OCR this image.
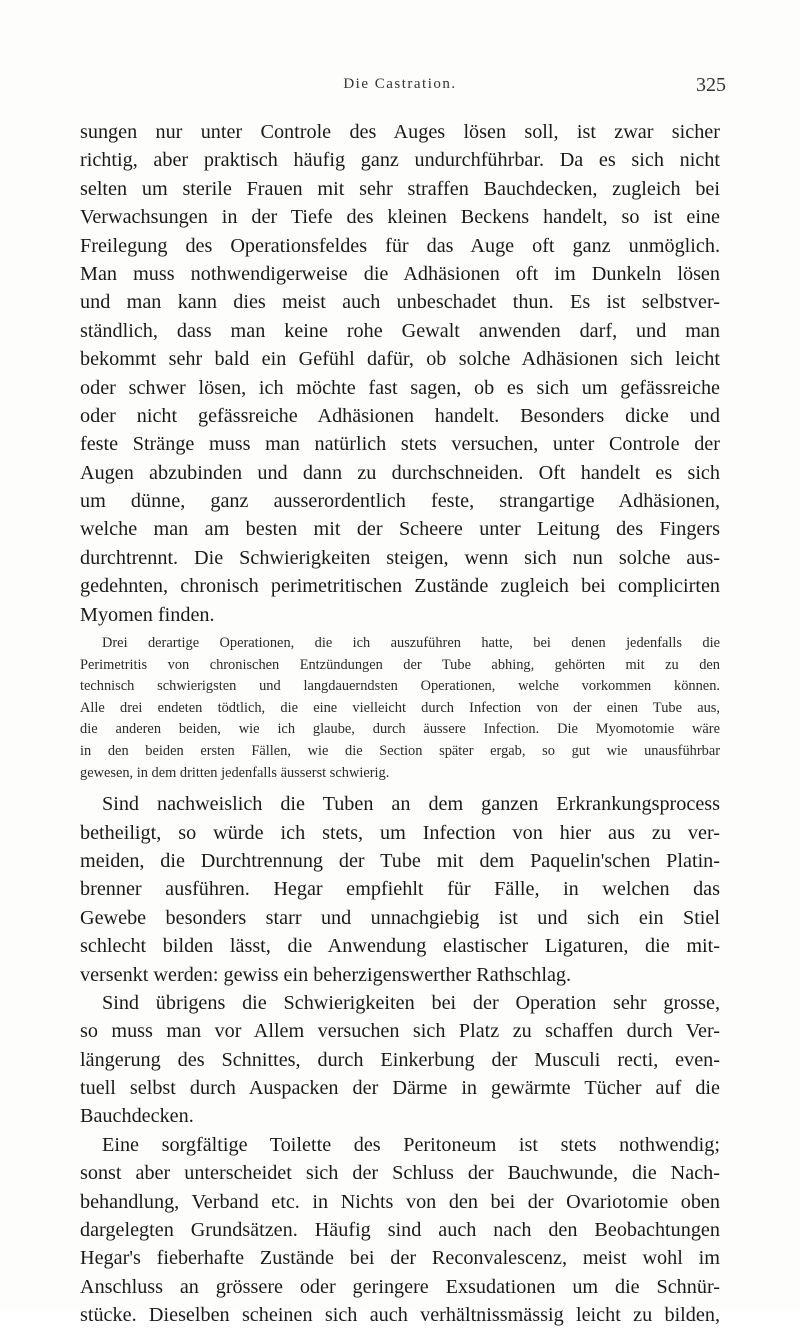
Die Castration.	325
sungen nur unter Controle des Auges lösen soll, ist zwar sicher
richtig, aber praktisch häufig ganz undurchführbar. Da es sich nicht
selten um sterile Frauen mit sehr straffen Bauchdecken, zugleich bei
Verwachsungen in der Tiefe des kleinen Beckens handelt, so ist eine
Freilegung des Operationsfeldes für das Auge oft ganz unmöglich.
Man muss nothwendigerweise die Adhäsionen oft im Dunkeln lösen
und man kann dies meist auch unbeschadet thun. Es ist selbstver-
ständlich, dass man keine rohe Gewalt anwenden darf, und man
bekommt sehr bald ein Gefühl dafür, ob solche Adhäsionen sich leicht
oder schwer lösen, ich möchte fast sagen, ob es sich um gefässreiche
oder nicht gefässreiche Adhäsionen handelt. Besonders dicke und
feste Stränge muss man natürlich stets versuchen, unter Controle der
Augen abzubinden und dann zu durchschneiden. Oft handelt es sich
um dünne, ganz ausserordentlich feste, strangartige Adhäsionen,
welche man am besten mit der Scheere unter Leitung des Fingers
durchtrennt. Die Schwierigkeiten steigen, wenn sich nun solche aus-
gedehnten, chronisch perimetritischen Zustände zugleich bei complicirten
Myomen finden.
Drei derartige Operationen, die ich auszuführen hatte, bei denen jedenfalls die
Perimetritis von chronischen Entzündungen der Tube abhing, gehörten mit zu den
technisch schwierigsten und langdauerndsten Operationen, welche vorkommen können.
Alle drei endeten tödtlich, die eine vielleicht durch Infection von der einen Tube aus,
die anderen beiden, wie ich glaube, durch äussere Infection. Die Myomotomie wäre
in den beiden ersten Fällen, wie die Section später ergab, so gut wie unausführbar
gewesen, in dem dritten jedenfalls äusserst schwierig.
Sind nachweislich die Tuben an dem ganzen Erkrankungsprocess
betheiligt, so würde ich stets, um Infection von hier aus zu ver-
meiden, die Durchtrennung der Tube mit dem Paquelin'schen Platin-
brenner ausführen. Hegar empfiehlt für Fälle, in welchen das
Gewebe besonders starr und unnachgiebig ist und sich ein Stiel
schlecht bilden lässt, die Anwendung elastischer Ligaturen, die mit-
versenkt werden: gewiss ein beherzigenswerther Rathschlag.
Sind übrigens die Schwierigkeiten bei der Operation sehr grosse,
so muss man vor Allem versuchen sich Platz zu schaffen durch Ver-
längerung des Schnittes, durch Einkerbung der Musculi recti, even-
tuell selbst durch Auspacken der Därme in gewärmte Tücher auf die
Bauchdecken.
Eine sorgfältige Toilette des Peritoneum ist stets nothwendig;
sonst aber unterscheidet sich der Schluss der Bauchwunde, die Nach-
behandlung, Verband etc. in Nichts von den bei der Ovariotomie oben
dargelegten Grundsätzen. Häufig sind auch nach den Beobachtungen
Hegar's fieberhafte Zustände bei der Reconvalescenz, meist wohl im
Anschluss an grössere oder geringere Exsudationen um die Schnür-
stücke. Dieselben scheinen sich auch verhältnissmässig leicht zu bilden,
